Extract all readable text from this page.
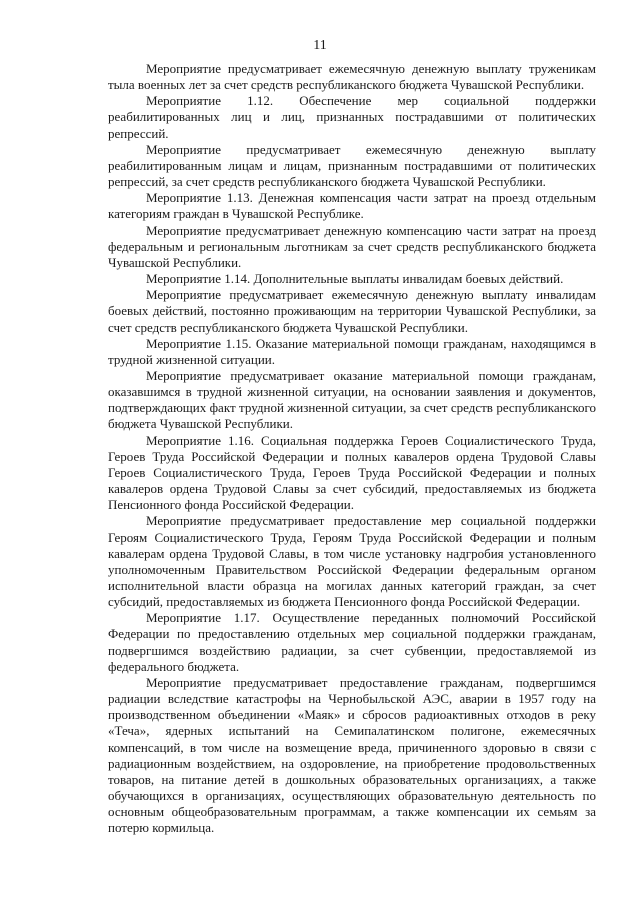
11

Мероприятие предусматривает ежемесячную денежную выплату труженикам тыла военных лет за счет средств республиканского бюджета Чувашской Республики.

Мероприятие 1.12. Обеспечение мер социальной поддержки реабилитированных лиц и лиц, признанных пострадавшими от политических репрессий.

Мероприятие предусматривает ежемесячную денежную выплату реабилитированным лицам и лицам, признанным пострадавшими от политических репрессий, за счет средств республиканского бюджета Чувашской Республики.

Мероприятие 1.13. Денежная компенсация части затрат на проезд отдельным категориям граждан в Чувашской Республике.

Мероприятие предусматривает денежную компенсацию части затрат на проезд федеральным и региональным льготникам за счет средств республиканского бюджета Чувашской Республики.

Мероприятие 1.14. Дополнительные выплаты инвалидам боевых действий.

Мероприятие предусматривает ежемесячную денежную выплату инвалидам боевых действий, постоянно проживающим на территории Чувашской Республики, за счет средств республиканского бюджета Чувашской Республики.

Мероприятие 1.15. Оказание материальной помощи гражданам, находящимся в трудной жизненной ситуации.

Мероприятие предусматривает оказание материальной помощи гражданам, оказавшимся в трудной жизненной ситуации, на основании заявления и документов, подтверждающих факт трудной жизненной ситуации, за счет средств республиканского бюджета Чувашской Республики.

Мероприятие 1.16. Социальная поддержка Героев Социалистического Труда, Героев Труда Российской Федерации и полных кавалеров ордена Трудовой Славы Героев Социалистического Труда, Героев Труда Российской Федерации и полных кавалеров ордена Трудовой Славы за счет субсидий, предоставляемых из бюджета Пенсионного фонда Российской Федерации.

Мероприятие предусматривает предоставление мер социальной поддержки Героям Социалистического Труда, Героям Труда Российской Федерации и полным кавалерам ордена Трудовой Славы, в том числе установку надгробия установленного уполномоченным Правительством Российской Федерации федеральным органом исполнительной власти образца на могилах данных категорий граждан, за счет субсидий, предоставляемых из бюджета Пенсионного фонда Российской Федерации.

Мероприятие 1.17. Осуществление переданных полномочий Российской Федерации по предоставлению отдельных мер социальной поддержки гражданам, подвергшимся воздействию радиации, за счет субвенции, предоставляемой из федерального бюджета.

Мероприятие предусматривает предоставление гражданам, подвергшимся радиации вследствие катастрофы на Чернобыльской АЭС, аварии в 1957 году на производственном объединении «Маяк» и сбросов радиоактивных отходов в реку «Теча», ядерных испытаний на Семипалатинском полигоне, ежемесячных компенсаций, в том числе на возмещение вреда, причиненного здоровью в связи с радиационным воздействием, на оздоровление, на приобретение продовольственных товаров, на питание детей в дошкольных образовательных организациях, а также обучающихся в организациях, осуществляющих образовательную деятельность по основным общеобразовательным программам, а также компенсации их семьям за потерю кормильца.
